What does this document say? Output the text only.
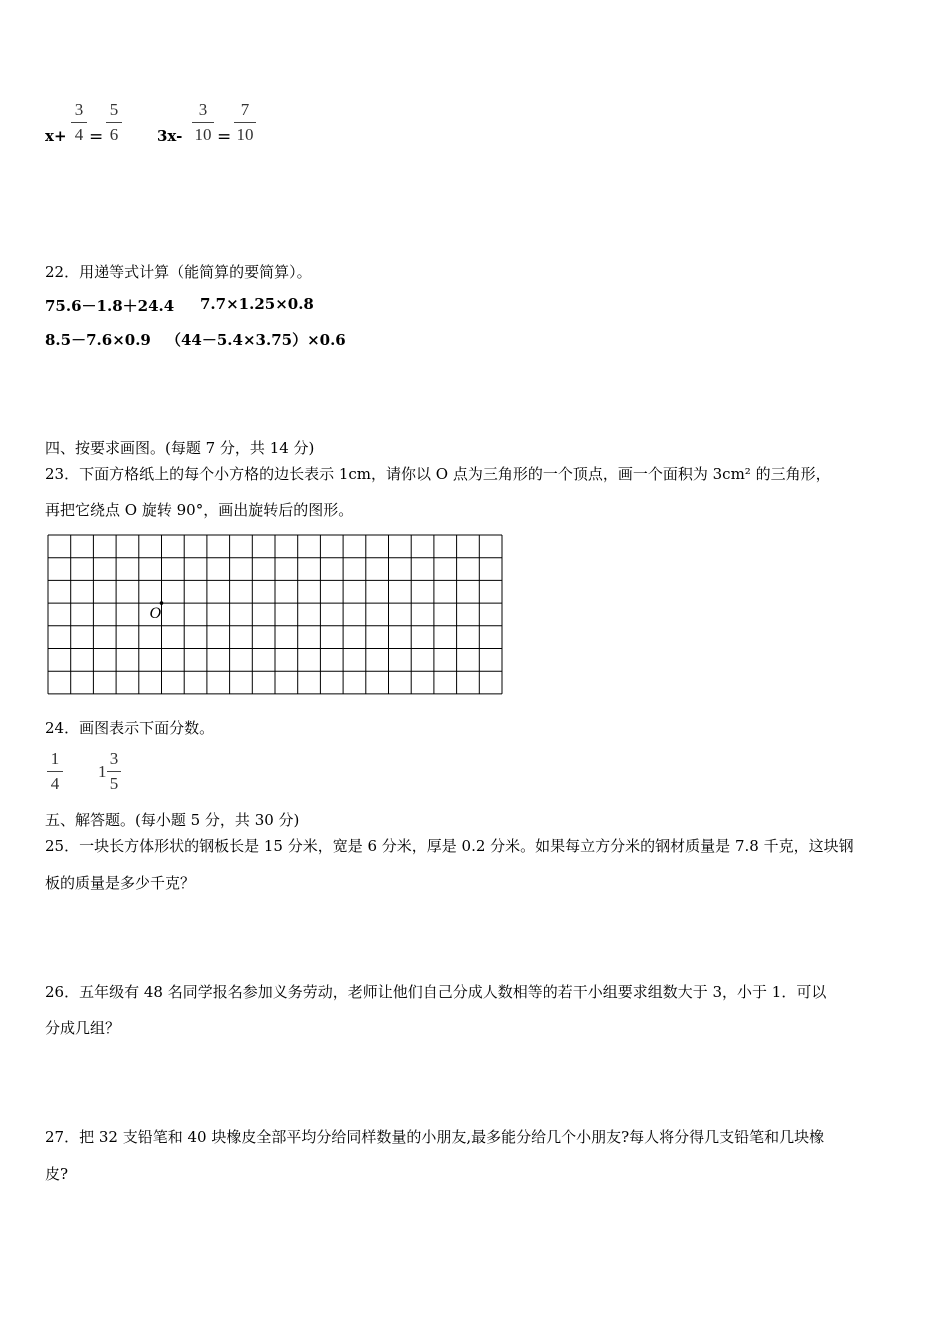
x+
3
4 =
5
6	3x-
3
10 =
7
10
22．用递等式计算（能简算的要简算）。
75.6－1.8＋24.4 7.7×1.25×0.8
8.5－7.6×0.9 （44－5.4×3.75）×0.6
四、按要求画图。(每题 7 分，共 14 分)
23．下面方格纸上的每个小方格的边长表示 1cm，请你以 O 点为三角形的一个顶点，画一个面积为 3cm² 的三角形，
再把它绕点 O 旋转 90°，画出旋转后的图形。
O
24．画图表示下面分数。
1
4
1
3
5
五、解答题。(每小题 5 分，共 30 分)
25．一块长方体形状的钢板长是 15 分米，宽是 6 分米，厚是 0.2 分米。如果每立方分米的钢材质量是 7.8 千克，这块钢
板的质量是多少千克？
26．五年级有 48 名同学报名参加义务劳动，老师让他们自己分成人数相等的若干小组要求组数大于 3，小于 1．可以
分成几组？
27．把 32 支铅笔和 40 块橡皮全部平均分给同样数量的小朋友,最多能分给几个小朋友?每人将分得几支铅笔和几块橡
皮?
